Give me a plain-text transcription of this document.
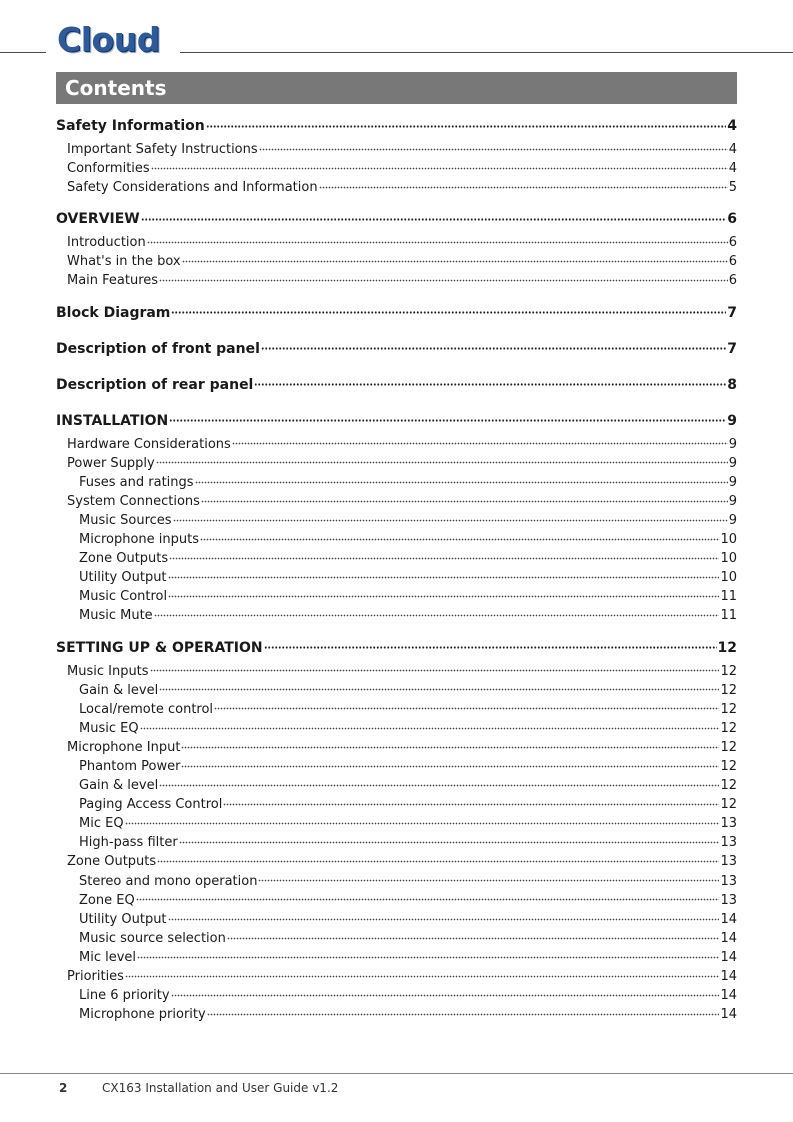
Cloud
Contents
Safety Information	4
Important Safety Instructions	4
Conformities	4
Safety Considerations and Information	5
OVERVIEW	6
Introduction	6
What's in the box	6
Main Features	6
Block Diagram	7
Description of front panel	7
Description of rear panel	8
INSTALLATION	9
Hardware Considerations	9
Power Supply	9
Fuses and ratings	9
System Connections	9
Music Sources	9
Microphone inputs	10
Zone Outputs	10
Utility Output	10
Music Control	11
Music Mute	11
SETTING UP & OPERATION	12
Music Inputs	12
Gain & level	12
Local/remote control	12
Music EQ	12
Microphone Input	12
Phantom Power	12
Gain & level	12
Paging Access Control	12
Mic EQ	13
High-pass filter	13
Zone Outputs	13
Stereo and mono operation	13
Zone EQ	13
Utility Output	14
Music source selection	14
Mic level	14
Priorities	14
Line 6 priority	14
Microphone priority	14
2	CX163 Installation and User Guide v1.2
